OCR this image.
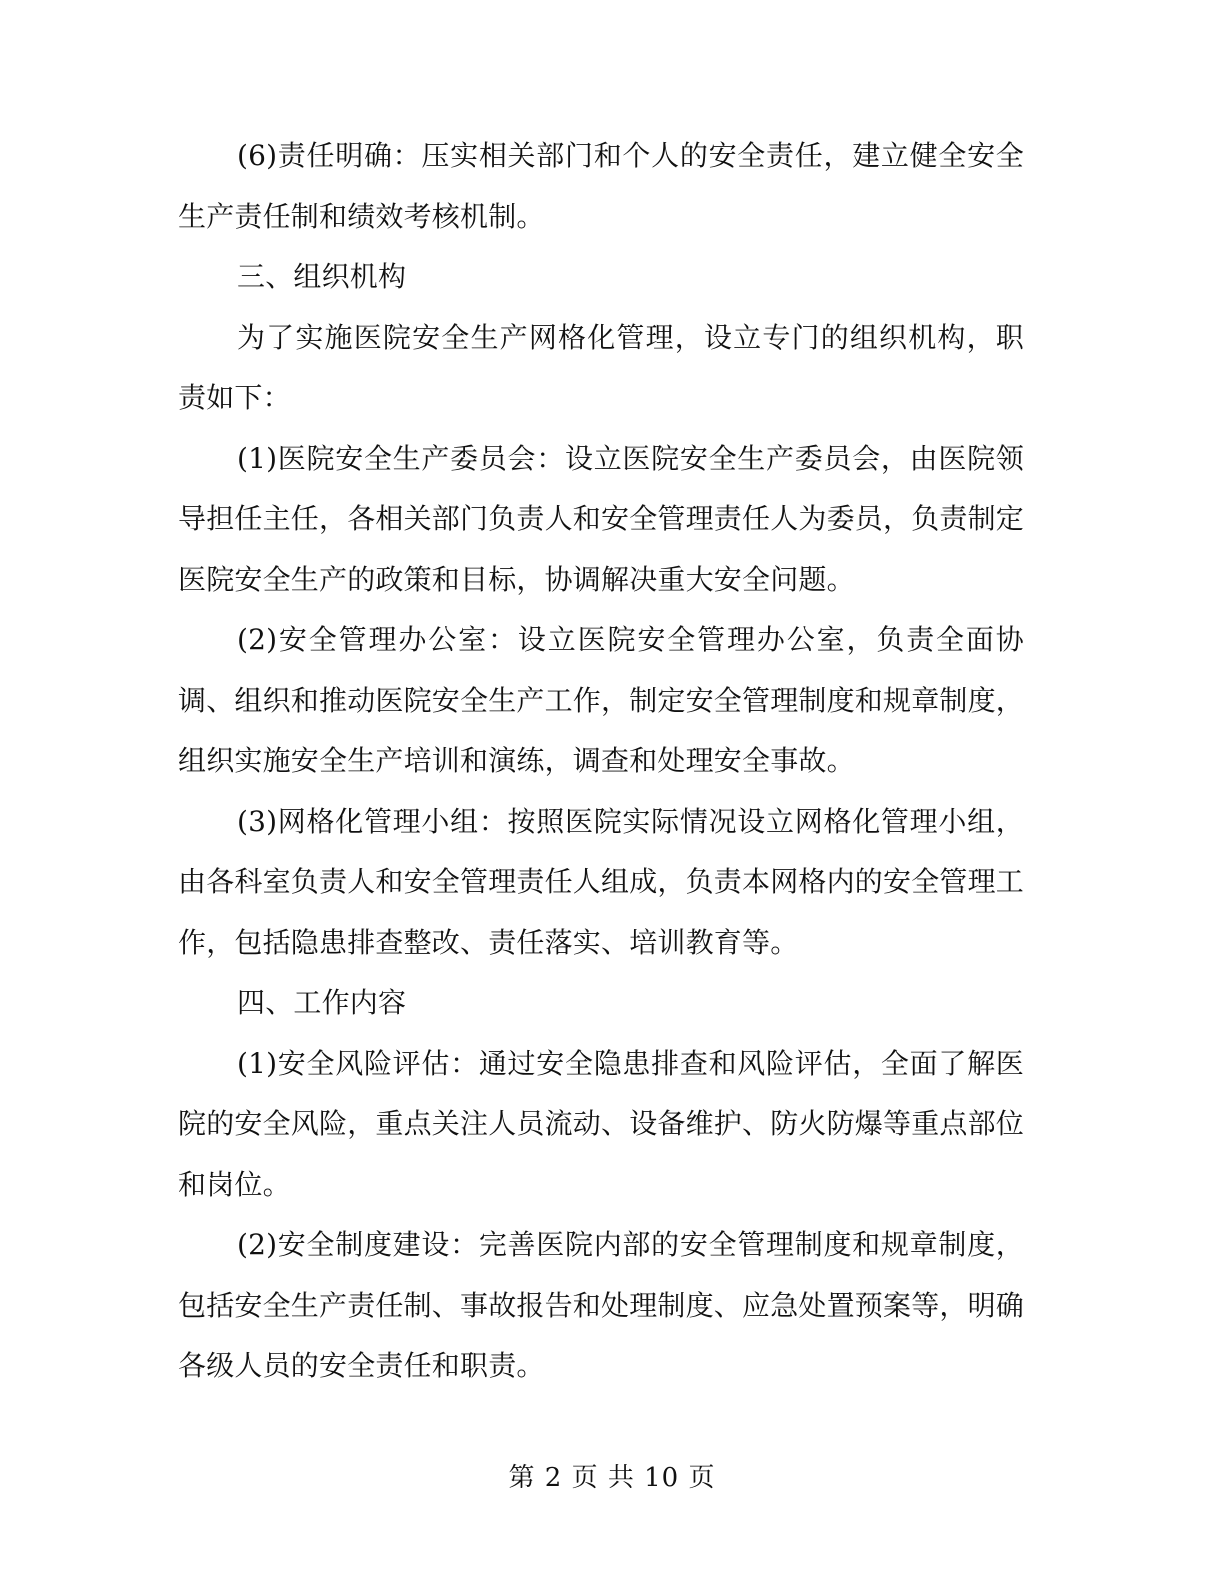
(6)责任明确：压实相关部门和个人的安全责任，建立健全安全生产责任制和绩效考核机制。

三、组织机构

为了实施医院安全生产网格化管理，设立专门的组织机构，职责如下：

(1)医院安全生产委员会：设立医院安全生产委员会，由医院领导担任主任，各相关部门负责人和安全管理责任人为委员，负责制定医院安全生产的政策和目标，协调解决重大安全问题。

(2)安全管理办公室：设立医院安全管理办公室，负责全面协调、组织和推动医院安全生产工作，制定安全管理制度和规章制度，组织实施安全生产培训和演练，调查和处理安全事故。

(3)网格化管理小组：按照医院实际情况设立网格化管理小组，由各科室负责人和安全管理责任人组成，负责本网格内的安全管理工作，包括隐患排查整改、责任落实、培训教育等。

四、工作内容

(1)安全风险评估：通过安全隐患排查和风险评估，全面了解医院的安全风险，重点关注人员流动、设备维护、防火防爆等重点部位和岗位。

(2)安全制度建设：完善医院内部的安全管理制度和规章制度，包括安全生产责任制、事故报告和处理制度、应急处置预案等，明确各级人员的安全责任和职责。

第 2 页 共 10 页
